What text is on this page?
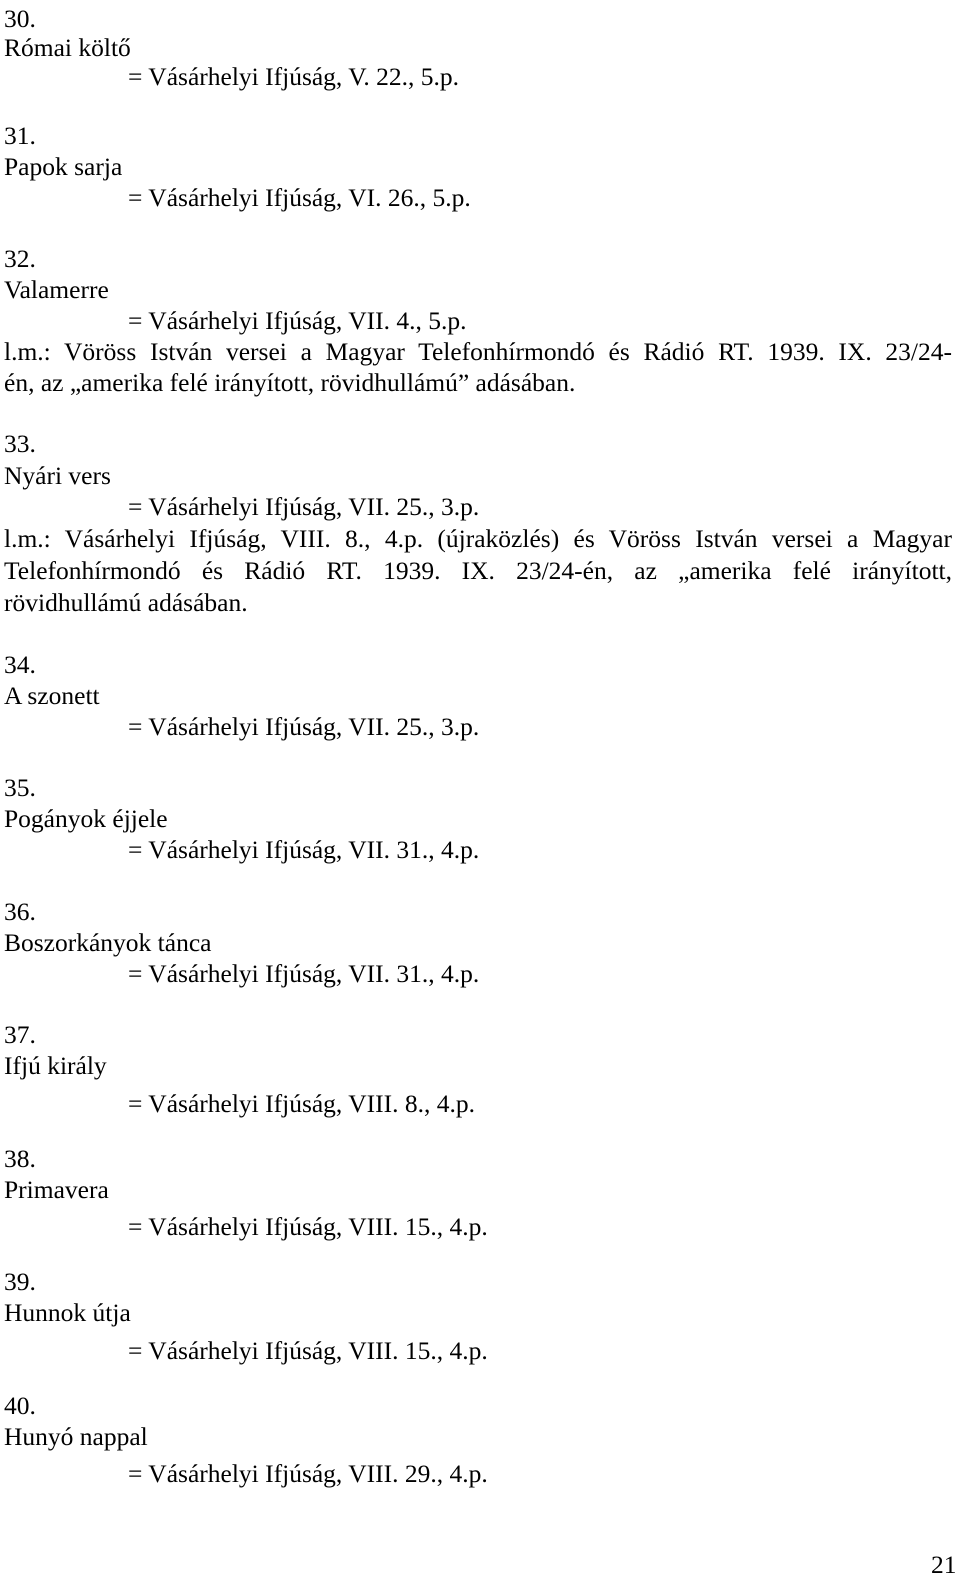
30.
Római költő
= Vásárhelyi Ifjúság, V. 22., 5.p.
31.
Papok sarja
= Vásárhelyi Ifjúság, VI. 26., 5.p.
32.
Valamerre
= Vásárhelyi Ifjúság, VII. 4., 5.p.
l.m.: Vöröss István versei a Magyar Telefonhírmondó és Rádió RT. 1939. IX. 23/24-
én, az „amerika felé irányított, rövidhullámú” adásában.
33.
Nyári vers
= Vásárhelyi Ifjúság, VII. 25., 3.p.
l.m.: Vásárhelyi Ifjúság, VIII. 8., 4.p. (újraközlés) és Vöröss István versei a Magyar
Telefonhírmondó és Rádió RT. 1939. IX. 23/24-én, az „amerika felé irányított,
rövidhullámú adásában.
34.
A szonett
= Vásárhelyi Ifjúság, VII. 25., 3.p.
35.
Pogányok éjjele
= Vásárhelyi Ifjúság, VII. 31., 4.p.
36.
Boszorkányok tánca
= Vásárhelyi Ifjúság, VII. 31., 4.p.
37.
Ifjú király
= Vásárhelyi Ifjúság, VIII. 8., 4.p.
38.
Primavera
= Vásárhelyi Ifjúság, VIII. 15., 4.p.
39.
Hunnok útja
= Vásárhelyi Ifjúság, VIII. 15., 4.p.
40.
Hunyó nappal
= Vásárhelyi Ifjúság, VIII. 29., 4.p.
21
